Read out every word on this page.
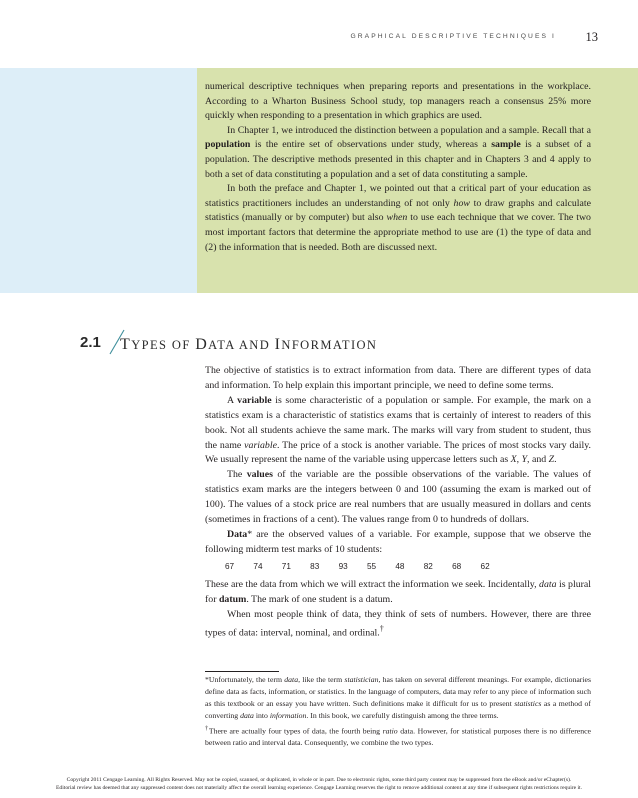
GRAPHICAL DESCRIPTIVE TECHNIQUES I 13

numerical descriptive techniques when preparing reports and presentations in the workplace. According to a Wharton Business School study, top managers reach a consensus 25% more quickly when responding to a presentation in which graphics are used.

In Chapter 1, we introduced the distinction between a population and a sample. Recall that a population is the entire set of observations under study, whereas a sample is a subset of a population. The descriptive methods presented in this chapter and in Chapters 3 and 4 apply to both a set of data constituting a population and a set of data constituting a sample.

In both the preface and Chapter 1, we pointed out that a critical part of your education as statistics practitioners includes an understanding of not only how to draw graphs and calculate statistics (manually or by computer) but also when to use each technique that we cover. The two most important factors that determine the appropriate method to use are (1) the type of data and (2) the information that is needed. Both are discussed next.

2.1 TYPES OF DATA AND INFORMATION

The objective of statistics is to extract information from data. There are different types of data and information. To help explain this important principle, we need to define some terms.

A variable is some characteristic of a population or sample. For example, the mark on a statistics exam is a characteristic of statistics exams that is certainly of interest to readers of this book. Not all students achieve the same mark. The marks will vary from student to student, thus the name variable. The price of a stock is another variable. The prices of most stocks vary daily. We usually represent the name of the variable using uppercase letters such as X, Y, and Z.

The values of the variable are the possible observations of the variable. The values of statistics exam marks are the integers between 0 and 100 (assuming the exam is marked out of 100). The values of a stock price are real numbers that are usually measured in dollars and cents (sometimes in fractions of a cent). The values range from 0 to hundreds of dollars.

Data* are the observed values of a variable. For example, suppose that we observe the following midterm test marks of 10 students:

67	74	71	83	93	55	48	82	68	62

These are the data from which we will extract the information we seek. Incidentally, data is plural for datum. The mark of one student is a datum.

When most people think of data, they think of sets of numbers. However, there are three types of data: interval, nominal, and ordinal.†

*Unfortunately, the term data, like the term statistician, has taken on several different meanings. For example, dictionaries define data as facts, information, or statistics. In the language of computers, data may refer to any piece of information such as this textbook or an essay you have written. Such definitions make it difficult for us to present statistics as a method of converting data into information. In this book, we carefully distinguish among the three terms.

†There are actually four types of data, the fourth being ratio data. However, for statistical purposes there is no difference between ratio and interval data. Consequently, we combine the two types.

Copyright 2011 Cengage Learning. All Rights Reserved. May not be copied, scanned, or duplicated, in whole or in part. Due to electronic rights, some third party content may be suppressed from the eBook and/or eChapter(s).

Editorial review has deemed that any suppressed content does not materially affect the overall learning experience. Cengage Learning reserves the right to remove additional content at any time if subsequent rights restrictions require it.
